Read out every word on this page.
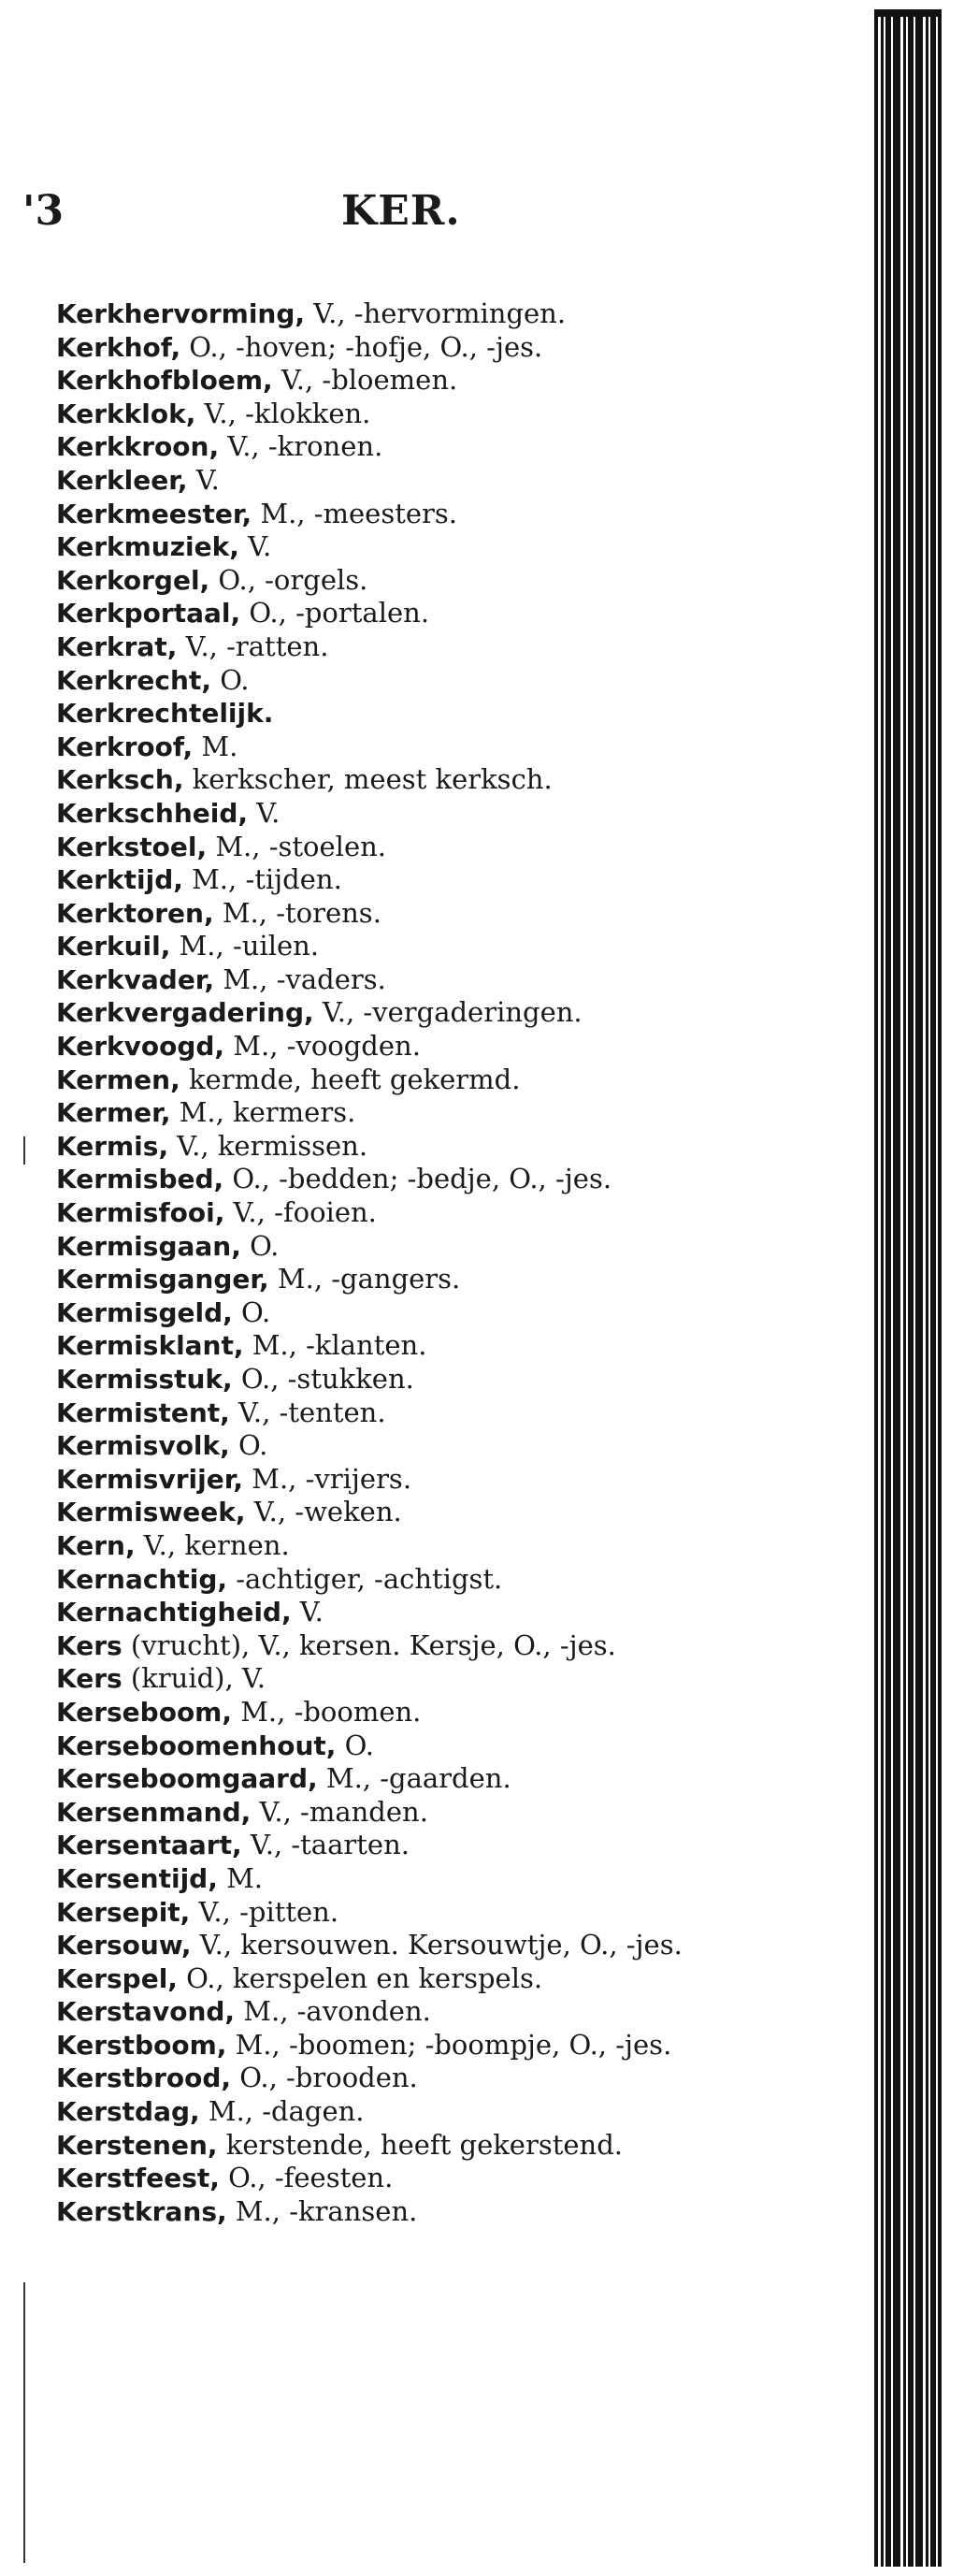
'3	KER.

Kerkhervorming, V., -hervormingen.

Kerkhof, O., -hoven; -hofje, O., -jes.

Kerkhofbloem, V., -bloemen.

Kerkklok, V., -klokken.

Kerkkroon, V., -kronen.

Kerkleer, V.

Kerkmeester, M., -meesters.

Kerkmuziek, V.

Kerkorgel, O., -orgels.

Kerkportaal, O., -portalen.

Kerkrat, V., -ratten.

Kerkrecht, O.

Kerkrechtelijk.

Kerkroof, M.

Kerksch, kerkscher, meest kerksch.

Kerkschheid, V.

Kerkstoel, M., -stoelen.

Kerktijd, M., -tijden.

Kerktoren, M., -torens.

Kerkuil, M., -uilen.

Kerkvader, M., -vaders.

Kerkvergadering, V., -vergaderingen.

Kerkvoogd, M., -voogden.

Kermen, kermde, heeft gekermd.

Kermer, M., kermers.

Kermis, V., kermissen.

Kermisbed, O., -bedden; -bedje, O., -jes.

Kermisfooi, V., -fooien.

Kermisgaan, O.

Kermisganger, M., -gangers.

Kermisgeld, O.

Kermisklant, M., -klanten.

Kermisstuk, O., -stukken.

Kermistent, V., -tenten.

Kermisvolk, O.

Kermisvrijer, M., -vrijers.

Kermisweek, V., -weken.

Kern, V., kernen.

Kernachtig, -achtiger, -achtigst.

Kernachtigheid, V.

Kers (vrucht), V., kersen. Kersje, O., -jes.

Kers (kruid), V.

Kerseboom, M., -boomen.

Kerseboomenhout, O.

Kerseboomgaard, M., -gaarden.

Kersenmand, V., -manden.

Kersentaart, V., -taarten.

Kersentijd, M.

Kersepit, V., -pitten.

Kersouw, V., kersouwen. Kersouwtje, O., -jes.

Kerspel, O., kerspelen en kerspels.

Kerstavond, M., -avonden.

Kerstboom, M., -boomen; -boompje, O., -jes.

Kerstbrood, O., -brooden.

Kerstdag, M., -dagen.

Kerstenen, kerstende, heeft gekerstend.

Kerstfeest, O., -feesten.

Kerstkrans, M., -kransen.
